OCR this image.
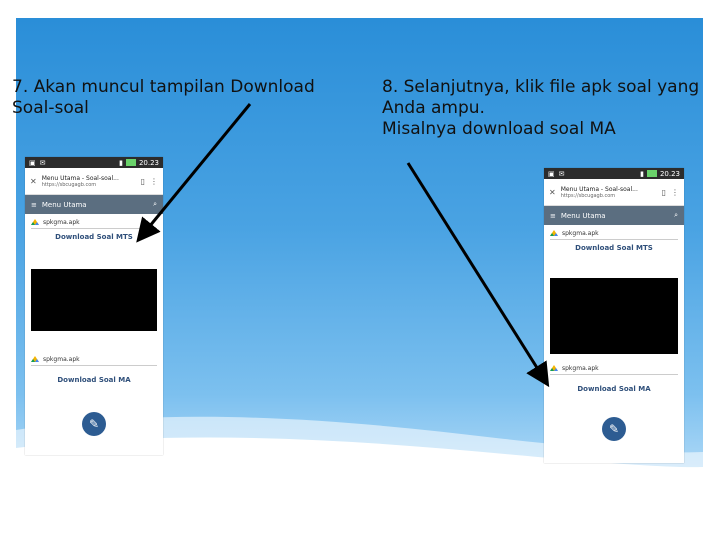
7. Akan muncul tampilan Download Soal-soal
8. Selanjutnya, klik file apk soal yang Anda ampu.
Misalnya download soal MA
▣ ✉	▮ 20.23
✕ Menu Utama - Soal-soal...
https://sbcugagb.com	▯ ⋮
≡ Menu Utama	⌕
spkgma.apk
Download Soal MTS
spkgma.apk
Download Soal MA
✎
▣ ✉	▮ 20.23
✕ Menu Utama - Soal-soal...
https://sbcugagb.com	▯ ⋮
≡ Menu Utama	⌕
spkgma.apk
Download Soal MTS
spkgma.apk
Download Soal MA
✎
